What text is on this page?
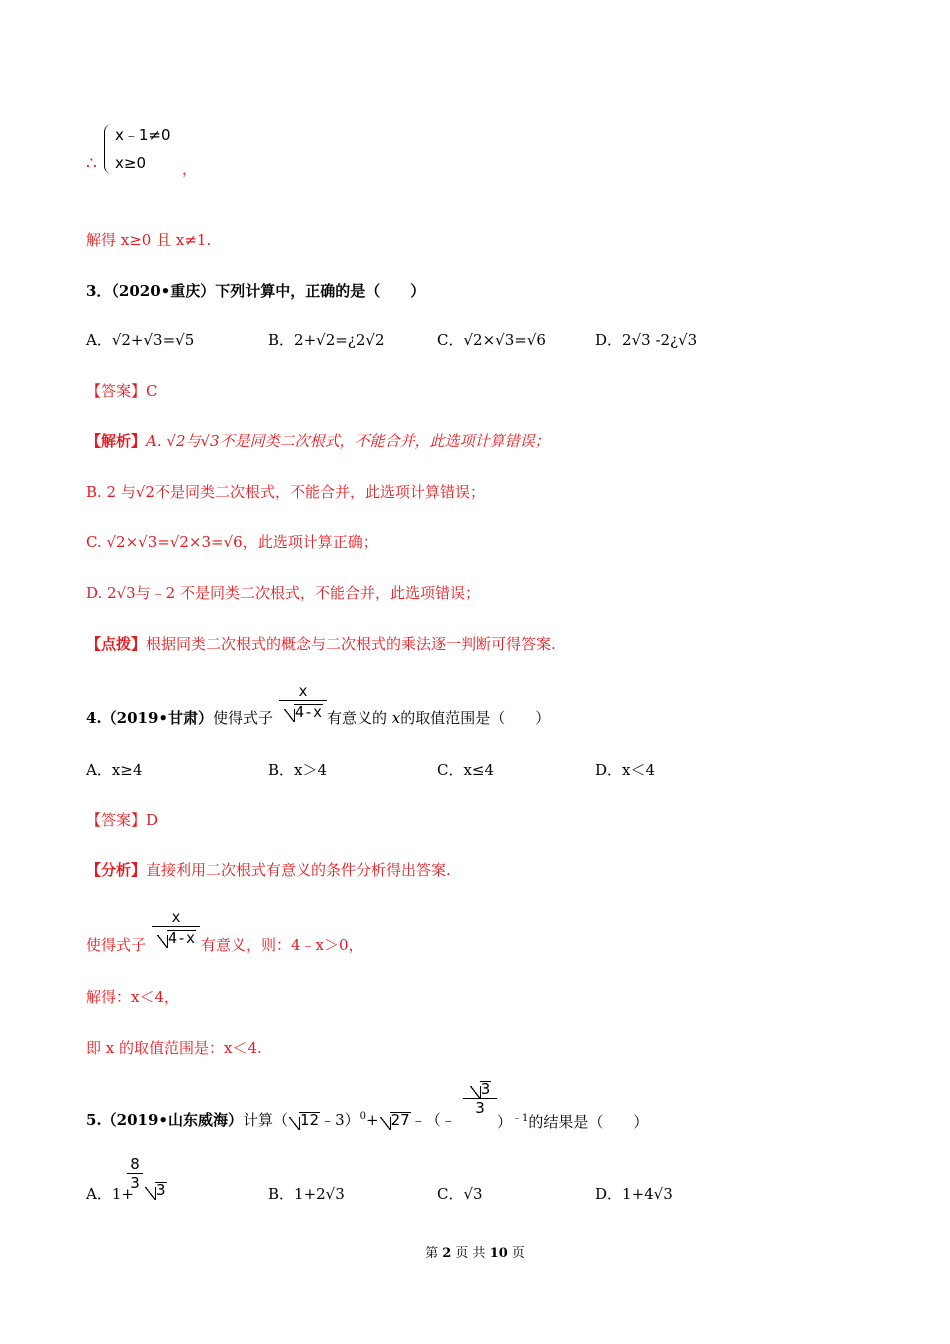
∴
x﹣1≠0
x≥0 ，
解得 x≥0 且 x≠1.
3．（2020•重庆）下列计算中，正确的是（　　）
A．√2+√3=√5	B．2+√2=¿2√2	C．√2×√3=√6	D．2√3 -2¿√3
【答案】C
【解析】A. √2与√3不是同类二次根式，不能合并，此选项计算错误；
B. 2 与√2不是同类二次根式，不能合并，此选项计算错误；
C. √2×√3=√2×3=√6，此选项计算正确；
D. 2√3与﹣2 不是同类二次根式，不能合并，此选项错误；
【点拨】根据同类二次根式的概念与二次根式的乘法逐一判断可得答案.
4.（2019•甘肃）使得式子
x
4-x 有意义的 x的取值范围是（　　）
A．x≥4	B．x＞4	C．x≤4	D．x＜4
【答案】D
【分析】直接利用二次根式有意义的条件分析得出答案.
使得式子
x
4-x 有意义，则：4﹣x＞0，
解得：x＜4，
即 x 的取值范围是：x＜4.
5.（2019•山东威海）计算（ 12﹣3）$^0$+ 27﹣（﹣
3
3
）$^{﹣1}$的结果是（　　）
A．1+
8
3	3	B．1+2√3	C．√3	D．1+4√3
第 2 页 共 10 页
